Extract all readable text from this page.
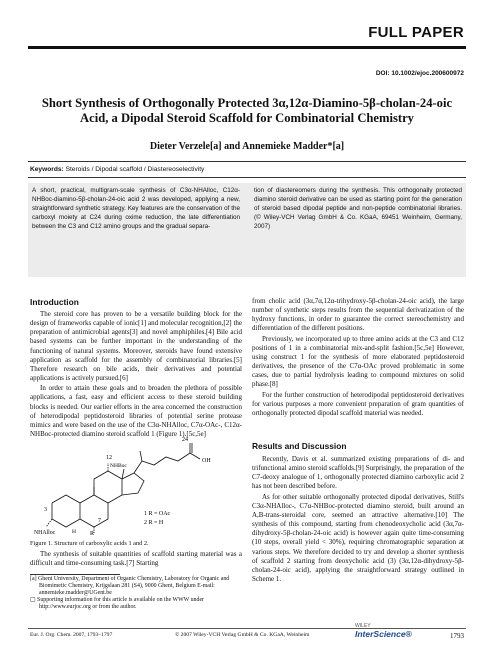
FULL PAPER
DOI: 10.1002/ejoc.200600972
Short Synthesis of Orthogonally Protected 3α,12α-Diamino-5β-cholan-24-oic Acid, a Dipodal Steroid Scaffold for Combinatorial Chemistry
Dieter Verzele[a] and Annemieke Madder*[a]
Keywords: Steroids / Dipodal scaffold / Diastereoselectivity

A short, practical, multigram-scale synthesis of C3α-NHAlloc, C12α-NHBoc-diamino-5β-cholan-24-oic acid 2 was developed, applying a new, straightforward synthetic strategy. Key features are the conservation of the carboxyl moiety at C24 during oxime reduction, the late differentiation between the C3 and C12 amino groups and the gradual separa-

tion of diastereomers during the synthesis. This orthogonally protected diamino steroid derivative can be used as starting point for the generation of steroid based dipodal peptide and non-peptide combinatorial libraries. (© Wiley-VCH Verlag GmbH & Co. KGaA, 69451 Weinheim, Germany, 2007)

Introduction

The steroid core has proven to be a versatile building block for the design of frameworks capable of ionic[1] and molecular recognition,[2] the preparation of antimicrobial agents[3] and novel amphiphiles.[4] Bile acid based systems can be further important in the understanding of the functioning of natural systems. Moreover, steroids have found extensive application as scaffold for the assembly of combinatorial libraries.[5] Therefore research on bile acids, their derivatives and potential applications is actively pursued.[6]

In order to attain these goals and to broaden the plethora of possible applications, a fast, easy and efficient access to these steroid building blocks is needed. Our earlier efforts in the area concerned the construction of heterodipodal peptidosteroid libraries of potential serine protease mimics and were based on the use of the C3α-NHAlloc, C7α-OAc-, C12α-NHBoc-protected diamino steroid scaffold 1 (Figure 1).[5c,5e]

12
24
OH
NHBoc
3
7
R
H
NHAlloc
1 R = OAc
2 R = H
Figure 1. Structure of carboxylic acids 1 and 2.

The synthesis of suitable quantities of scaffold starting material was a difficult and time-consuming task.[7] Starting

[a] Ghent University, Department of Organic Chemistry, Laboratory for Organic and Biomimetic Chemistry, Krijgslaan 281 (S4), 9000 Ghent, Belgium E-mail: annemieke.madder@UGent.be
▢ Supporting information for this article is available on the WWW under http://www.eurjoc.org or from the author.

from cholic acid (3α,7α,12α-trihydroxy-5β-cholan-24-oic acid), the large number of synthetic steps results from the sequential derivatization of the hydroxy functions, in order to guarantee the correct stereochemistry and differentiation of the different positions.

Previously, we incorporated up to three amino acids at the C3 and C12 positions of 1 in a combinatorial mix-and-split fashion.[5c,5e] However, using construct 1 for the synthesis of more elaborated peptidosteroid derivatives, the presence of the C7α-OAc proved problematic in some cases, due to partial hydrolysis leading to compound mixtures on solid phase.[8]

For the further construction of heterodipodal peptidosteroid derivatives for various purposes a more convenient preparation of gram quantities of orthogonally protected dipodal scaffold material was needed.

Results and Discussion

Recently, Davis et al. summarized existing preparations of di- and trifunctional amino steroid scaffolds.[9] Surprisingly, the preparation of the C7-deoxy analogue of 1, orthogonally protected diamino carboxylic acid 2 has not been described before.

As for other suitable orthogonally protected dipodal derivatives, Still's C3α-NHAlloc-, C7α-NHBoc-protected diamino steroid, built around an A,B-trans-steroidal core, seemed an attractive alternative.[10] The synthesis of this compound, starting from chenodeoxycholic acid (3α,7α-dihydroxy-5β-cholan-24-oic acid) is however again quite time-consuming (10 steps, overall yield < 30%), requiring chromatographic separation at various steps. We therefore decided to try and develop a shorter synthesis of scaffold 2 starting from deoxycholic acid (3) (3α,12α-dihydroxy-5β-cholan-24-oic acid), applying the straightforward strategy outlined in Scheme 1.

Eur. J. Org. Chem. 2007, 1793–1797	© 2007 Wiley-VCH Verlag GmbH & Co. KGaA, Weinheim
WILEY
InterScience®	1793
